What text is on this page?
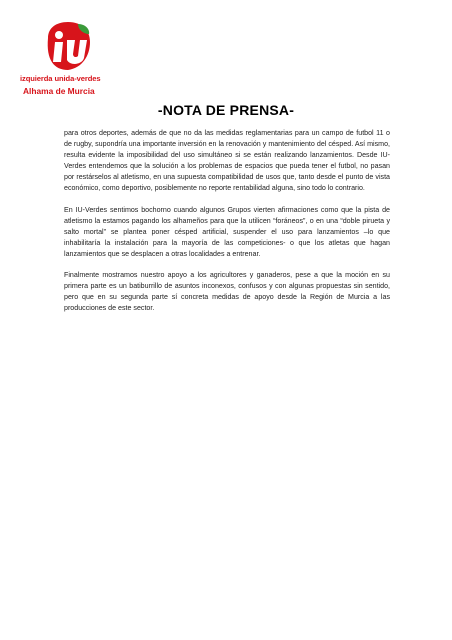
izquierda unida-verdes
Alhama de Murcia
-NOTA DE PRENSA-

para otros deportes, además de que no da las medidas reglamentarias para un campo de futbol 11 o de rugby, supondría una importante inversión en la renovación y mantenimiento del césped. Así mismo, resulta evidente la imposibilidad del uso simultáneo si se están realizando lanzamientos. Desde IU-Verdes entendemos que la solución a los problemas de espacios que pueda tener el futbol, no pasan por restárselos al atletismo, en una supuesta compatibilidad de usos que, tanto desde el punto de vista económico, como deportivo, posiblemente no reporte rentabilidad alguna, sino todo lo contrario.

En IU-Verdes sentimos bochorno cuando algunos Grupos vierten afirmaciones como que la pista de atletismo la estamos pagando los alhameños para que la utilicen “foráneos”, o en una “doble pirueta y salto mortal” se plantea poner césped artificial, suspender el uso para lanzamientos –lo que inhabilitaría la instalación para la mayoría de las competiciones- o que los atletas que hagan lanzamientos que se desplacen a otras localidades a entrenar.

Finalmente mostramos nuestro apoyo a los agricultores y ganaderos, pese a que la moción en su primera parte es un batiburrillo de asuntos inconexos, confusos y con algunas propuestas sin sentido, pero que en su segunda parte sí concreta medidas de apoyo desde la Región de Murcia a las producciones de este sector.
